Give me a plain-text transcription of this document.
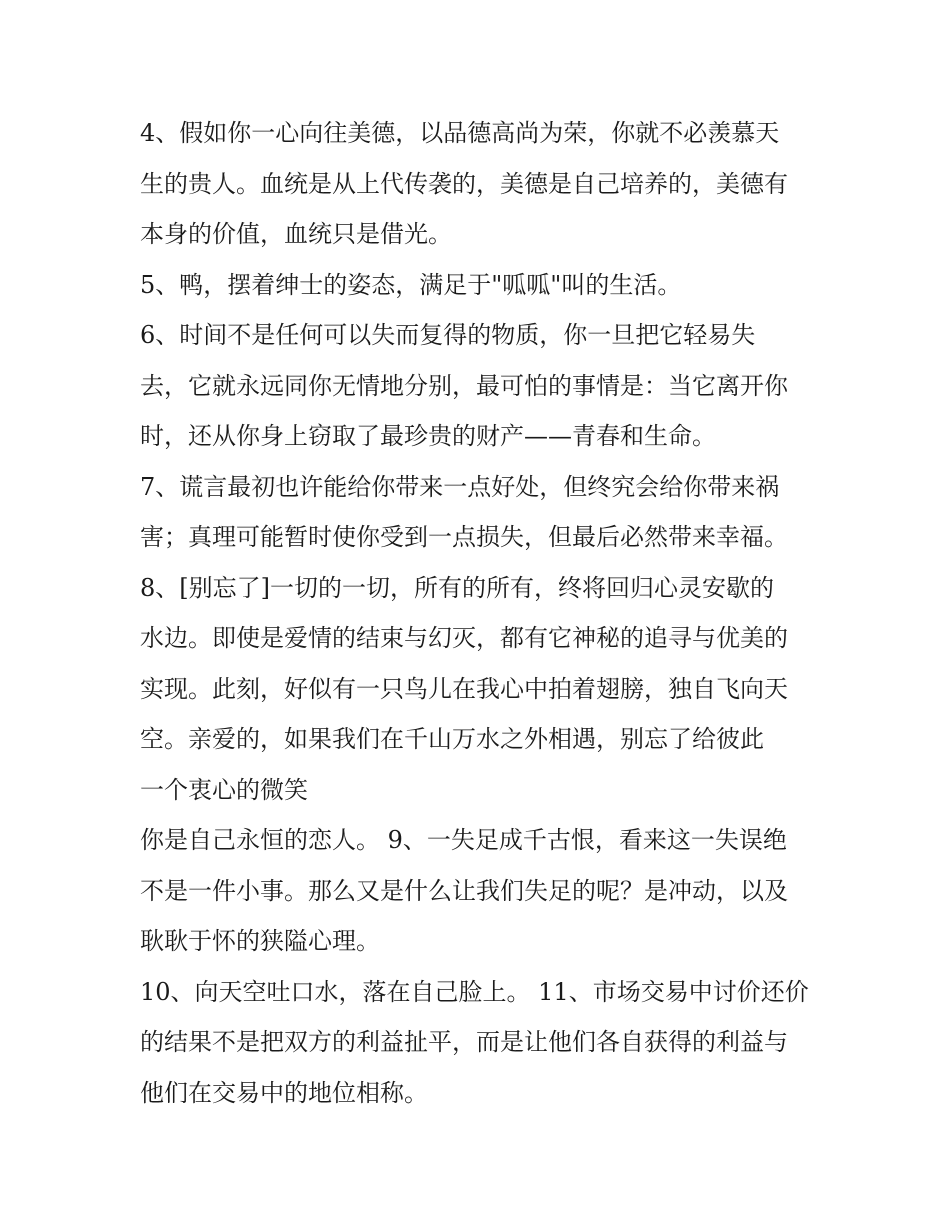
4、假如你一心向往美德，以品德高尚为荣，你就不必羡慕天
生的贵人。血统是从上代传袭的，美德是自己培养的，美德有
本身的价值，血统只是借光。
5、鸭，摆着绅士的姿态，满足于"呱呱"叫的生活。
6、时间不是任何可以失而复得的物质，你一旦把它轻易失
去，它就永远同你无情地分别，最可怕的事情是：当它离开你
时，还从你身上窃取了最珍贵的财产——青春和生命。
7、谎言最初也许能给你带来一点好处，但终究会给你带来祸
害；真理可能暂时使你受到一点损失，但最后必然带来幸福。
8、[别忘了]一切的一切，所有的所有，终将回归心灵安歇的
水边。即使是爱情的结束与幻灭，都有它神秘的追寻与优美的
实现。此刻，好似有一只鸟儿在我心中拍着翅膀，独自飞向天
空。亲爱的，如果我们在千山万水之外相遇，别忘了给彼此
一个衷心的微笑
你是自己永恒的恋人。 9、一失足成千古恨，看来这一失误绝
不是一件小事。那么又是什么让我们失足的呢？是冲动，以及
耿耿于怀的狭隘心理。
10、向天空吐口水，落在自己脸上。 11、市场交易中讨价还价
的结果不是把双方的利益扯平，而是让他们各自获得的利益与
他们在交易中的地位相称。
